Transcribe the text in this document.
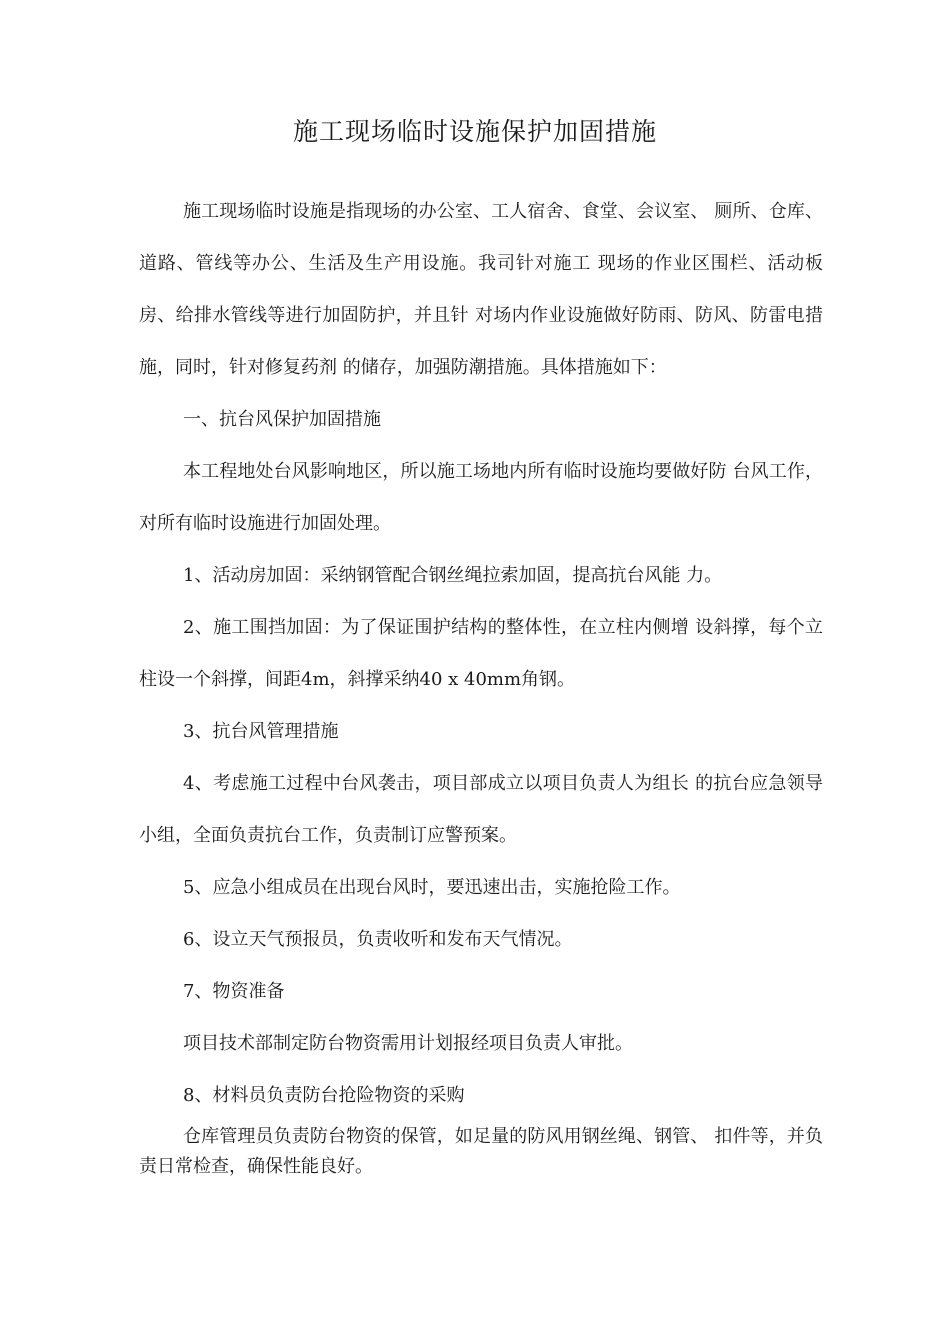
施工现场临时设施保护加固措施

施工现场临时设施是指现场的办公室、工人宿舍、食堂、会议室、 厕所、仓库、道路、管线等办公、生活及生产用设施。我司针对施工 现场的作业区围栏、活动板房、给排水管线等进行加固防护，并且针 对场内作业设施做好防雨、防风、防雷电措施，同时，针对修复药剂 的储存，加强防潮措施。具体措施如下：

一、抗台风保护加固措施

本工程地处台风影响地区，所以施工场地内所有临时设施均要做好防 台风工作，对所有临时设施进行加固处理。

1、活动房加固：采纳钢管配合钢丝绳拉索加固，提高抗台风能 力。

2、施工围挡加固：为了保证围护结构的整体性，在立柱内侧增 设斜撑，每个立柱设一个斜撑，间距4m，斜撑采纳40 x 40mm角钢。

3、抗台风管理措施

4、考虑施工过程中台风袭击，项目部成立以项目负责人为组长 的抗台应急领导小组，全面负责抗台工作，负责制订应警预案。

5、应急小组成员在出现台风时，要迅速出击，实施抢险工作。

6、设立天气预报员，负责收听和发布天气情况。

7、物资准备

项目技术部制定防台物资需用计划报经项目负责人审批。

8、材料员负责防台抢险物资的采购

仓库管理员负责防台物资的保管，如足量的防风用钢丝绳、钢管、 扣件等，并负责日常检查，确保性能良好。
